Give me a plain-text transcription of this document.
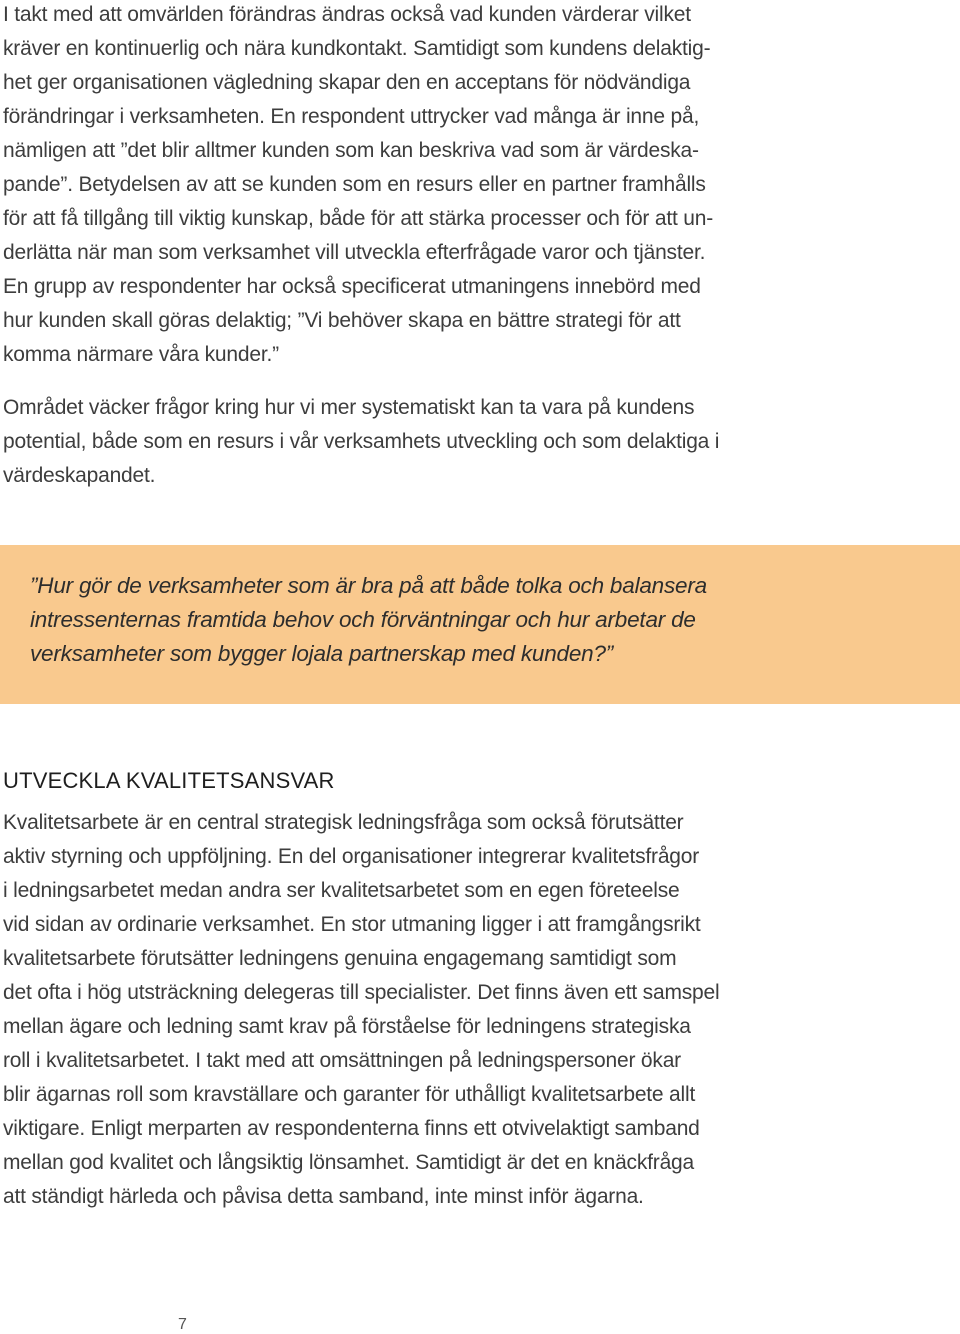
I takt med att omvärlden förändras ändras också vad kunden värderar vilket
kräver en kontinuerlig och nära kundkontakt. Samtidigt som kundens delaktig-
het ger organisationen vägledning skapar den en acceptans för nödvändiga
förändringar i verksamheten. En respondent uttrycker vad många är inne på,
nämligen att ”det blir alltmer kunden som kan beskriva vad som är värdeska-
pande”. Betydelsen av att se kunden som en resurs eller en partner framhålls
för att få tillgång till viktig kunskap, både för att stärka processer och för att un-
derlätta när man som verksamhet vill utveckla efterfrågade varor och tjänster.
En grupp av respondenter har också specificerat utmaningens innebörd med
hur kunden skall göras delaktig; ”Vi behöver skapa en bättre strategi för att
komma närmare våra kunder.”

Området väcker frågor kring hur vi mer systematiskt kan ta vara på kundens
potential, både som en resurs i vår verksamhets utveckling och som delaktiga i
värdeskapandet.

”Hur gör de verksamheter som är bra på att både tolka och balansera
intressenternas framtida behov och förväntningar och hur arbetar de
verksamheter som bygger lojala partnerskap med kunden?”

UTVECKLA KVALITETSANSVAR

Kvalitetsarbete är en central strategisk ledningsfråga som också förutsätter
aktiv styrning och uppföljning. En del organisationer integrerar kvalitetsfrågor
i ledningsarbetet medan andra ser kvalitetsarbetet som en egen företeelse
vid sidan av ordinarie verksamhet. En stor utmaning ligger i att framgångsrikt
kvalitetsarbete förutsätter ledningens genuina engagemang samtidigt som
det ofta i hög utsträckning delegeras till specialister. Det finns även ett samspel
mellan ägare och ledning samt krav på förståelse för ledningens strategiska
roll i kvalitetsarbetet. I takt med att omsättningen på ledningspersoner ökar
blir ägarnas roll som kravställare och garanter för uthålligt kvalitetsarbete allt
viktigare. Enligt merparten av respondenterna finns ett otvivelaktigt samband
mellan god kvalitet och långsiktig lönsamhet. Samtidigt är det en knäckfråga
att ständigt härleda och påvisa detta samband, inte minst inför ägarna.

7
